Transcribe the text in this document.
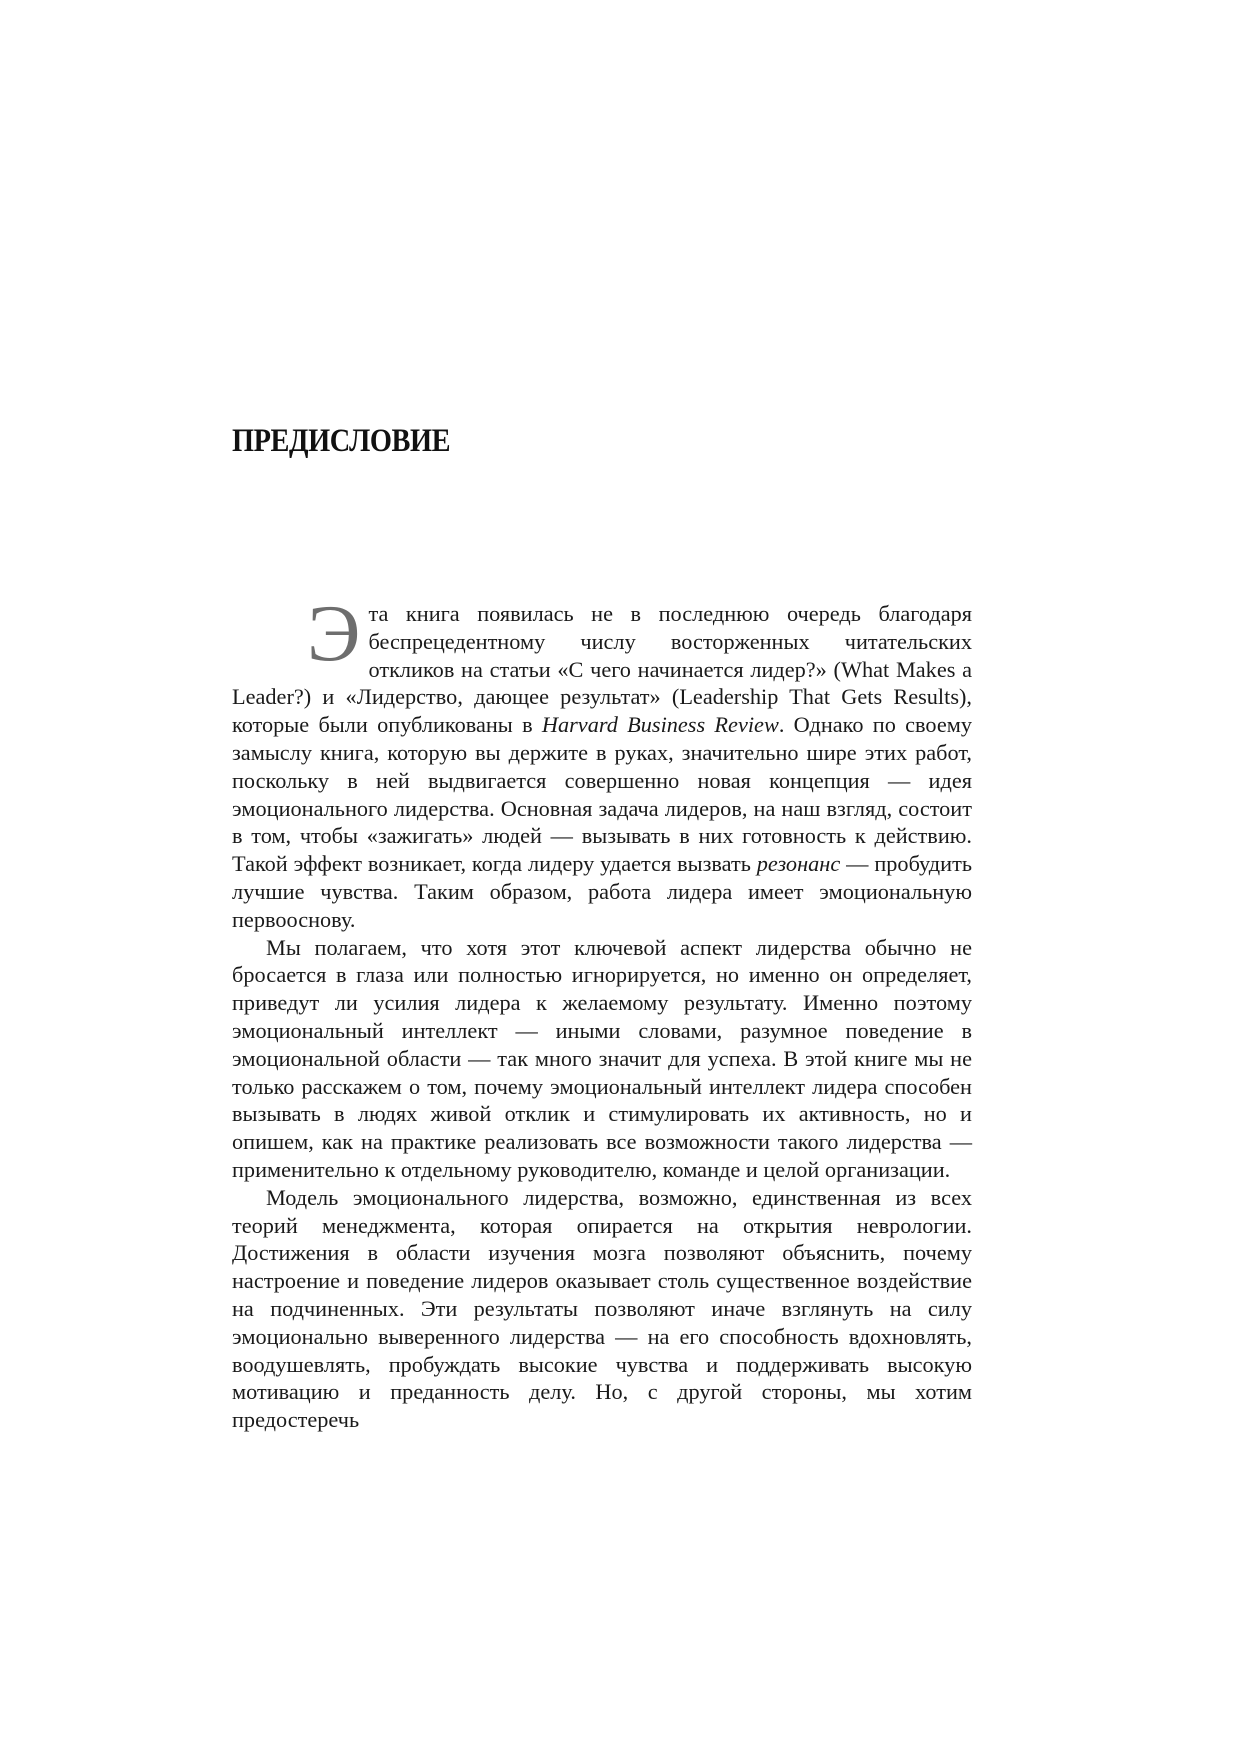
ПРЕДИСЛОВИЕ

Эта книга появилась не в последнюю очередь благодаря беспрецедентному числу восторженных читательских откликов на статьи «С чего начинается лидер?» (What Makes a Leader?) и «Лидерство, дающее результат» (Leadership That Gets Results), которые были опубликованы в Harvard Business Review. Однако по своему замыслу книга, которую вы держите в руках, значительно шире этих работ, поскольку в ней выдвигается совершенно новая концепция — идея эмоционального лидерства. Основная задача лидеров, на наш взгляд, состоит в том, чтобы «зажигать» людей — вызывать в них готовность к действию. Такой эффект возникает, когда лидеру удается вызвать резонанс — пробудить лучшие чувства. Таким образом, работа лидера имеет эмоциональную первооснову.

Мы полагаем, что хотя этот ключевой аспект лидерства обычно не бросается в глаза или полностью игнорируется, но именно он определяет, приведут ли усилия лидера к желаемому результату. Именно поэтому эмоциональный интеллект — иными словами, разумное поведение в эмоциональной области — так много значит для успеха. В этой книге мы не только расскажем о том, почему эмоциональный интеллект лидера способен вызывать в людях живой отклик и стимулировать их активность, но и опишем, как на практике реализовать все возможности такого лидерства — применительно к отдельному руководителю, команде и целой организации.

Модель эмоционального лидерства, возможно, единственная из всех теорий менеджмента, которая опирается на открытия неврологии. Достижения в области изучения мозга позволяют объяснить, почему настроение и поведение лидеров оказывает столь существенное воздействие на подчиненных. Эти результаты позволяют иначе взглянуть на силу эмоционально выверенного лидерства — на его способность вдохновлять, воодушевлять, пробуждать высокие чувства и поддерживать высокую мотивацию и преданность делу. Но, с другой стороны, мы хотим предостеречь
